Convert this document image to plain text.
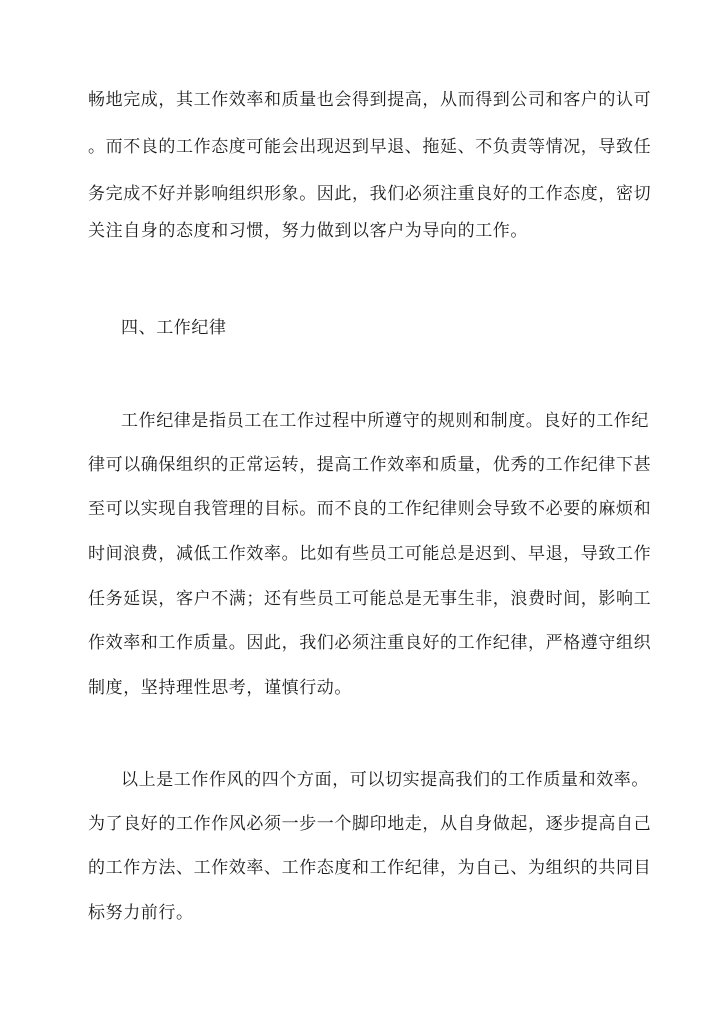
畅地完成，其工作效率和质量也会得到提高，从而得到公司和客户的认可
。而不良的工作态度可能会出现迟到早退、拖延、不负责等情况，导致任
务完成不好并影响组织形象。因此，我们必须注重良好的工作态度，密切
关注自身的态度和习惯，努力做到以客户为导向的工作。
四、工作纪律
工作纪律是指员工在工作过程中所遵守的规则和制度。良好的工作纪
律可以确保组织的正常运转，提高工作效率和质量，优秀的工作纪律下甚
至可以实现自我管理的目标。而不良的工作纪律则会导致不必要的麻烦和
时间浪费，减低工作效率。比如有些员工可能总是迟到、早退，导致工作
任务延误，客户不满；还有些员工可能总是无事生非，浪费时间，影响工
作效率和工作质量。因此，我们必须注重良好的工作纪律，严格遵守组织
制度，坚持理性思考，谨慎行动。
以上是工作作风的四个方面，可以切实提高我们的工作质量和效率。
为了良好的工作作风必须一步一个脚印地走，从自身做起，逐步提高自己
的工作方法、工作效率、工作态度和工作纪律，为自己、为组织的共同目
标努力前行。
